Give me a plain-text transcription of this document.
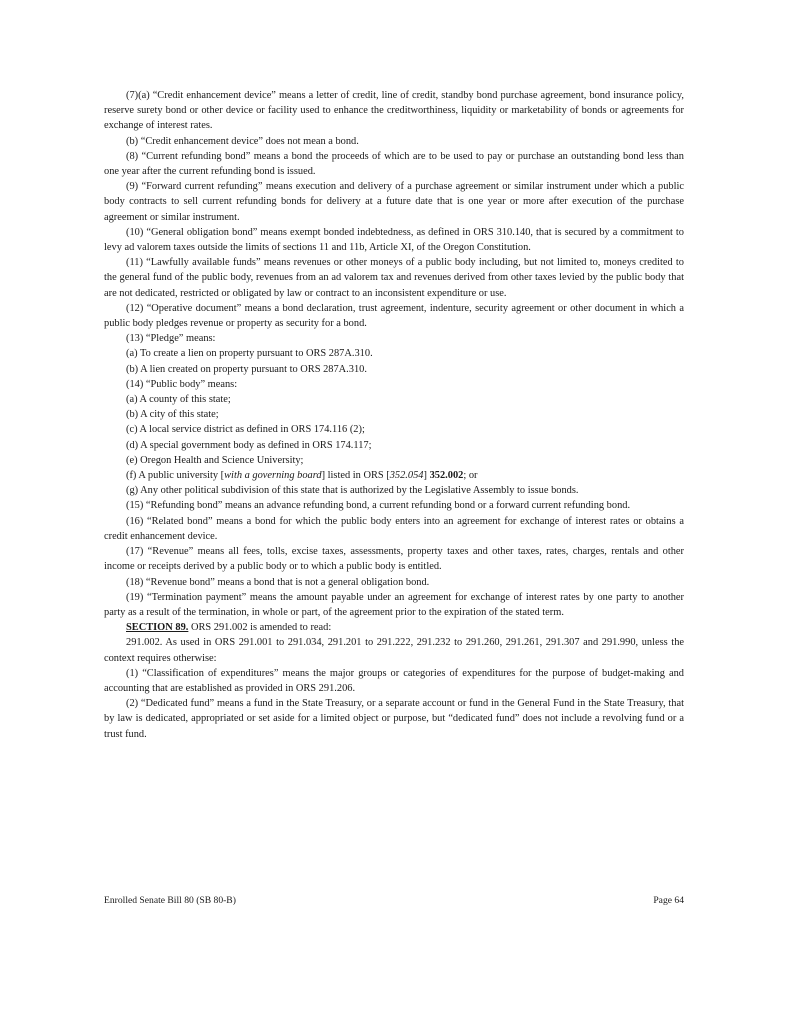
(7)(a) “Credit enhancement device” means a letter of credit, line of credit, standby bond purchase agreement, bond insurance policy, reserve surety bond or other device or facility used to enhance the creditworthiness, liquidity or marketability of bonds or agreements for exchange of interest rates.

(b) “Credit enhancement device” does not mean a bond.

(8) “Current refunding bond” means a bond the proceeds of which are to be used to pay or purchase an outstanding bond less than one year after the current refunding bond is issued.

(9) “Forward current refunding” means execution and delivery of a purchase agreement or similar instrument under which a public body contracts to sell current refunding bonds for delivery at a future date that is one year or more after execution of the purchase agreement or similar instrument.

(10) “General obligation bond” means exempt bonded indebtedness, as defined in ORS 310.140, that is secured by a commitment to levy ad valorem taxes outside the limits of sections 11 and 11b, Article XI, of the Oregon Constitution.

(11) “Lawfully available funds” means revenues or other moneys of a public body including, but not limited to, moneys credited to the general fund of the public body, revenues from an ad valorem tax and revenues derived from other taxes levied by the public body that are not dedicated, restricted or obligated by law or contract to an inconsistent expenditure or use.

(12) “Operative document” means a bond declaration, trust agreement, indenture, security agreement or other document in which a public body pledges revenue or property as security for a bond.

(13) “Pledge” means:

(a) To create a lien on property pursuant to ORS 287A.310.

(b) A lien created on property pursuant to ORS 287A.310.

(14) “Public body” means:

(a) A county of this state;

(b) A city of this state;

(c) A local service district as defined in ORS 174.116 (2);

(d) A special government body as defined in ORS 174.117;

(e) Oregon Health and Science University;

(f) A public university [with a governing board] listed in ORS [352.054] 352.002; or

(g) Any other political subdivision of this state that is authorized by the Legislative Assembly to issue bonds.

(15) “Refunding bond” means an advance refunding bond, a current refunding bond or a forward current refunding bond.

(16) “Related bond” means a bond for which the public body enters into an agreement for exchange of interest rates or obtains a credit enhancement device.

(17) “Revenue” means all fees, tolls, excise taxes, assessments, property taxes and other taxes, rates, charges, rentals and other income or receipts derived by a public body or to which a public body is entitled.

(18) “Revenue bond” means a bond that is not a general obligation bond.

(19) “Termination payment” means the amount payable under an agreement for exchange of interest rates by one party to another party as a result of the termination, in whole or part, of the agreement prior to the expiration of the stated term.

SECTION 89. ORS 291.002 is amended to read:

291.002. As used in ORS 291.001 to 291.034, 291.201 to 291.222, 291.232 to 291.260, 291.261, 291.307 and 291.990, unless the context requires otherwise:

(1) “Classification of expenditures” means the major groups or categories of expenditures for the purpose of budget-making and accounting that are established as provided in ORS 291.206.

(2) “Dedicated fund” means a fund in the State Treasury, or a separate account or fund in the General Fund in the State Treasury, that by law is dedicated, appropriated or set aside for a limited object or purpose, but “dedicated fund” does not include a revolving fund or a trust fund.

Enrolled Senate Bill 80 (SB 80-B)	Page 64
